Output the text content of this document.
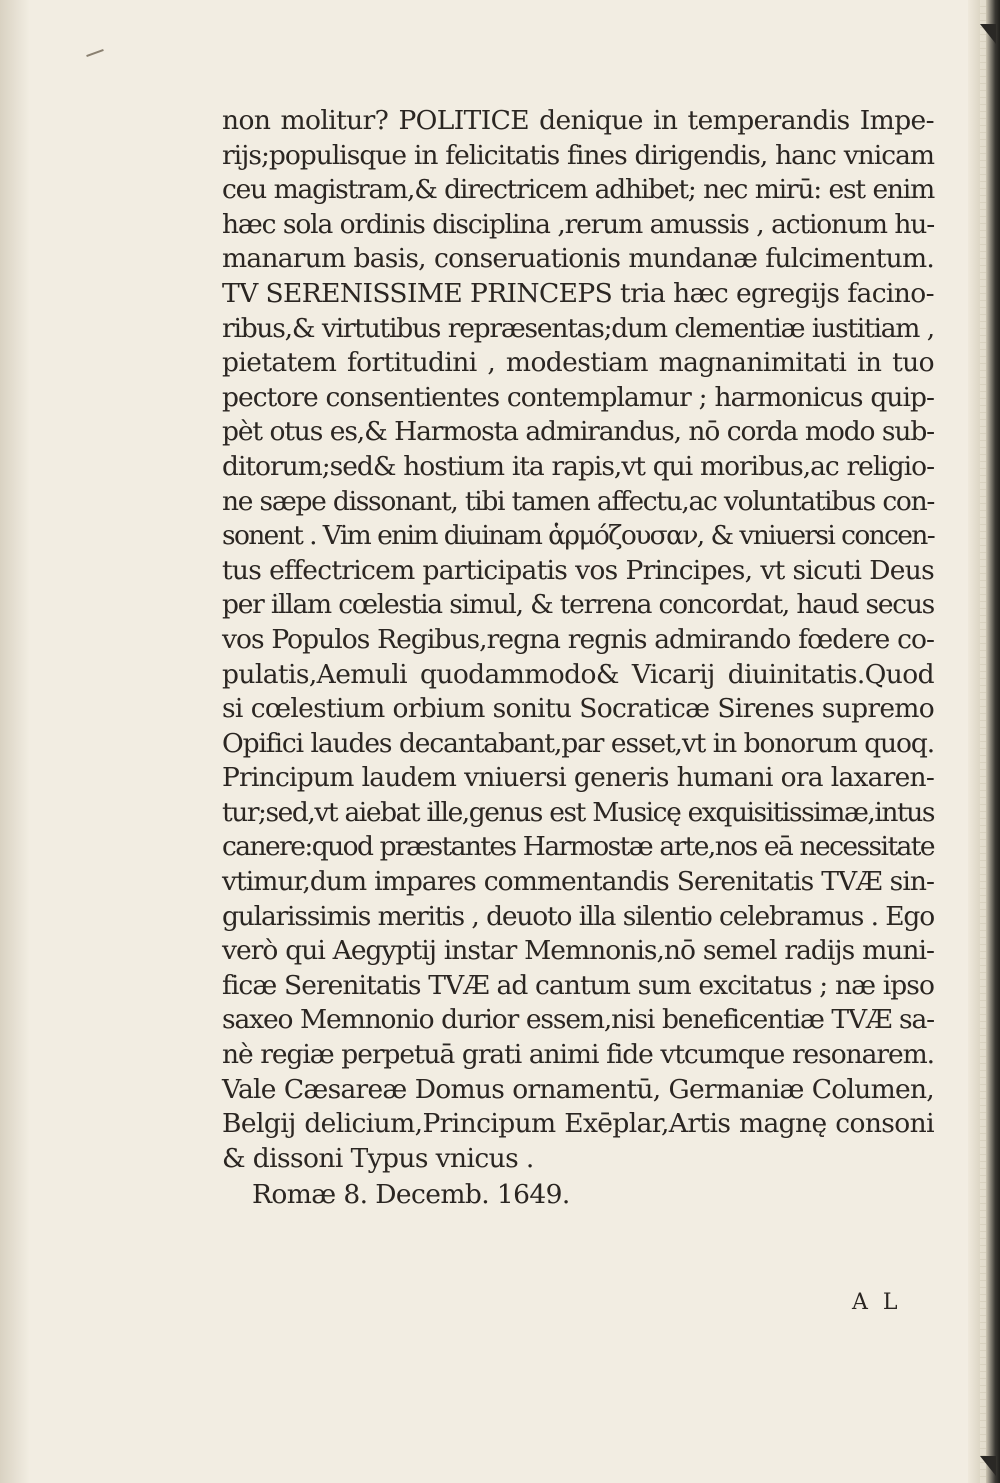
non molitur? POLITICE denique in temperandis Impe-
rijs;populisque in felicitatis fines dirigendis, hanc vnicam
ceu magistram,& directricem adhibet; nec mirū: est enim
hæc sola ordinis disciplina ,rerum amussis , actionum hu-
manarum basis, conseruationis mundanæ fulcimentum.
TV SERENISSIME PRINCEPS tria hæc egregijs facino-
ribus,& virtutibus repræsentas;dum clementiæ iustitiam ,
pietatem fortitudini , modestiam magnanimitati in tuo
pectore consentientes contemplamur ; harmonicus quip-
pèt otus es,& Harmosta admirandus, nō corda modo sub-
ditorum;sed& hostium ita rapis,vt qui moribus,ac religio-
ne sæpe dissonant, tibi tamen affectu,ac voluntatibus con-
sonent . Vim enim diuinam ἁρμόζουσαν, & vniuersi concen-
tus effectricem participatis vos Principes, vt sicuti Deus
per illam cœlestia simul, & terrena concordat, haud secus
vos Populos Regibus,regna regnis admirando fœdere co-
pulatis,Aemuli quodammodo& Vicarij diuinitatis.Quod
si cœlestium orbium sonitu Socraticæ Sirenes supremo
Opifici laudes decantabant,par esset,vt in bonorum quoq.
Principum laudem vniuersi generis humani ora laxaren-
tur;sed,vt aiebat ille,genus est Musicę exquisitissimæ,intus
canere:quod præstantes Harmostæ arte,nos eā necessitate
vtimur,dum impares commentandis Serenitatis TVÆ sin-
gularissimis meritis , deuoto illa silentio celebramus . Ego
verò qui Aegyptij instar Memnonis,nō semel radijs muni-
ficæ Serenitatis TVÆ ad cantum sum excitatus ; næ ipso
saxeo Memnonio durior essem,nisi beneficentiæ TVÆ sa-
nè regiæ perpetuā grati animi fide vtcumque resonarem.
Vale Cæsareæ Domus ornamentū, Germaniæ Columen,
Belgij delicium,Principum Exēplar,Artis magnę consoni
& dissoni Typus vnicus .
Romæ 8. Decemb. 1649.
A L
